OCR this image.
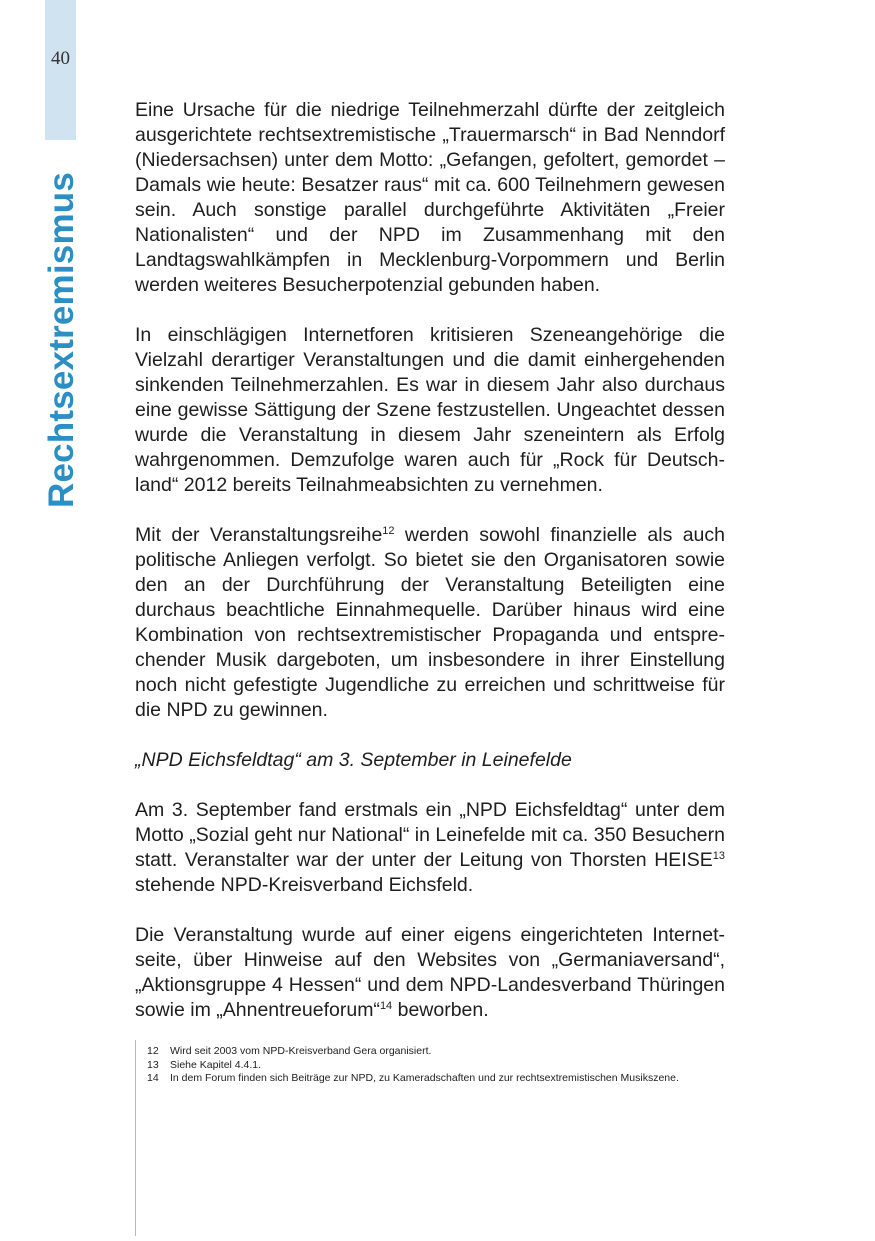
40
Rechtsextremismus

Eine Ursache für die niedrige Teilnehmerzahl dürfte der zeitgleich ausgerichtete rechtsextremistische „Trauermarsch“ in Bad Nenndorf (Niedersachsen) unter dem Motto: „Gefangen, gefoltert, gemordet – Damals wie heute: Besatzer raus“ mit ca. 600 Teilnehmern gewesen sein. Auch sonstige parallel durchgeführte Aktivitäten „Freier Nationalisten“ und der NPD im Zusammenhang mit den Landtagswahlkämpfen in Mecklenburg-Vorpommern und Berlin werden weiteres Besucherpotenzial gebunden haben.

In einschlägigen Internetforen kritisieren Szeneangehörige die Vielzahl derartiger Veranstaltungen und die damit einhergehenden sinkenden Teilnehmerzahlen. Es war in diesem Jahr also durchaus eine gewisse Sättigung der Szene festzustellen. Ungeachtet dessen wurde die Veranstaltung in diesem Jahr szeneintern als Erfolg wahrgenommen. Demzufolge waren auch für „Rock für Deutschland“ 2012 bereits Teilnahmeabsichten zu vernehmen.

Mit der Veranstaltungsreihe$^{12}$ werden sowohl finanzielle als auch politische Anliegen verfolgt. So bietet sie den Organisatoren sowie den an der Durchführung der Veranstaltung Beteiligten eine durchaus beachtliche Einnahmequelle. Darüber hinaus wird eine Kombination von rechtsextremistischer Propaganda und entsprechender Musik dargeboten, um insbesondere in ihrer Einstellung noch nicht gefestigte Jugendliche zu erreichen und schrittweise für die NPD zu gewinnen.

„NPD Eichsfeldtag“ am 3. September in Leinefelde

Am 3. September fand erstmals ein „NPD Eichsfeldtag“ unter dem Motto „Sozial geht nur National“ in Leinefelde mit ca. 350 Besuchern statt. Veranstalter war der unter der Leitung von Thorsten HEISE$^{13}$ stehende NPD-Kreisverband Eichsfeld.

Die Veranstaltung wurde auf einer eigens eingerichteten Internetseite, über Hinweise auf den Websites von „Germaniaversand“, „Aktionsgruppe 4 Hessen“ und dem NPD-Landesverband Thüringen sowie im „Ahnentreueforum“$^{14}$ beworben.

12	Wird seit 2003 vom NPD-Kreisverband Gera organisiert.
13	Siehe Kapitel 4.4.1.
14	In dem Forum finden sich Beiträge zur NPD, zu Kameradschaften und zur rechtsextremistischen Musikszene.
